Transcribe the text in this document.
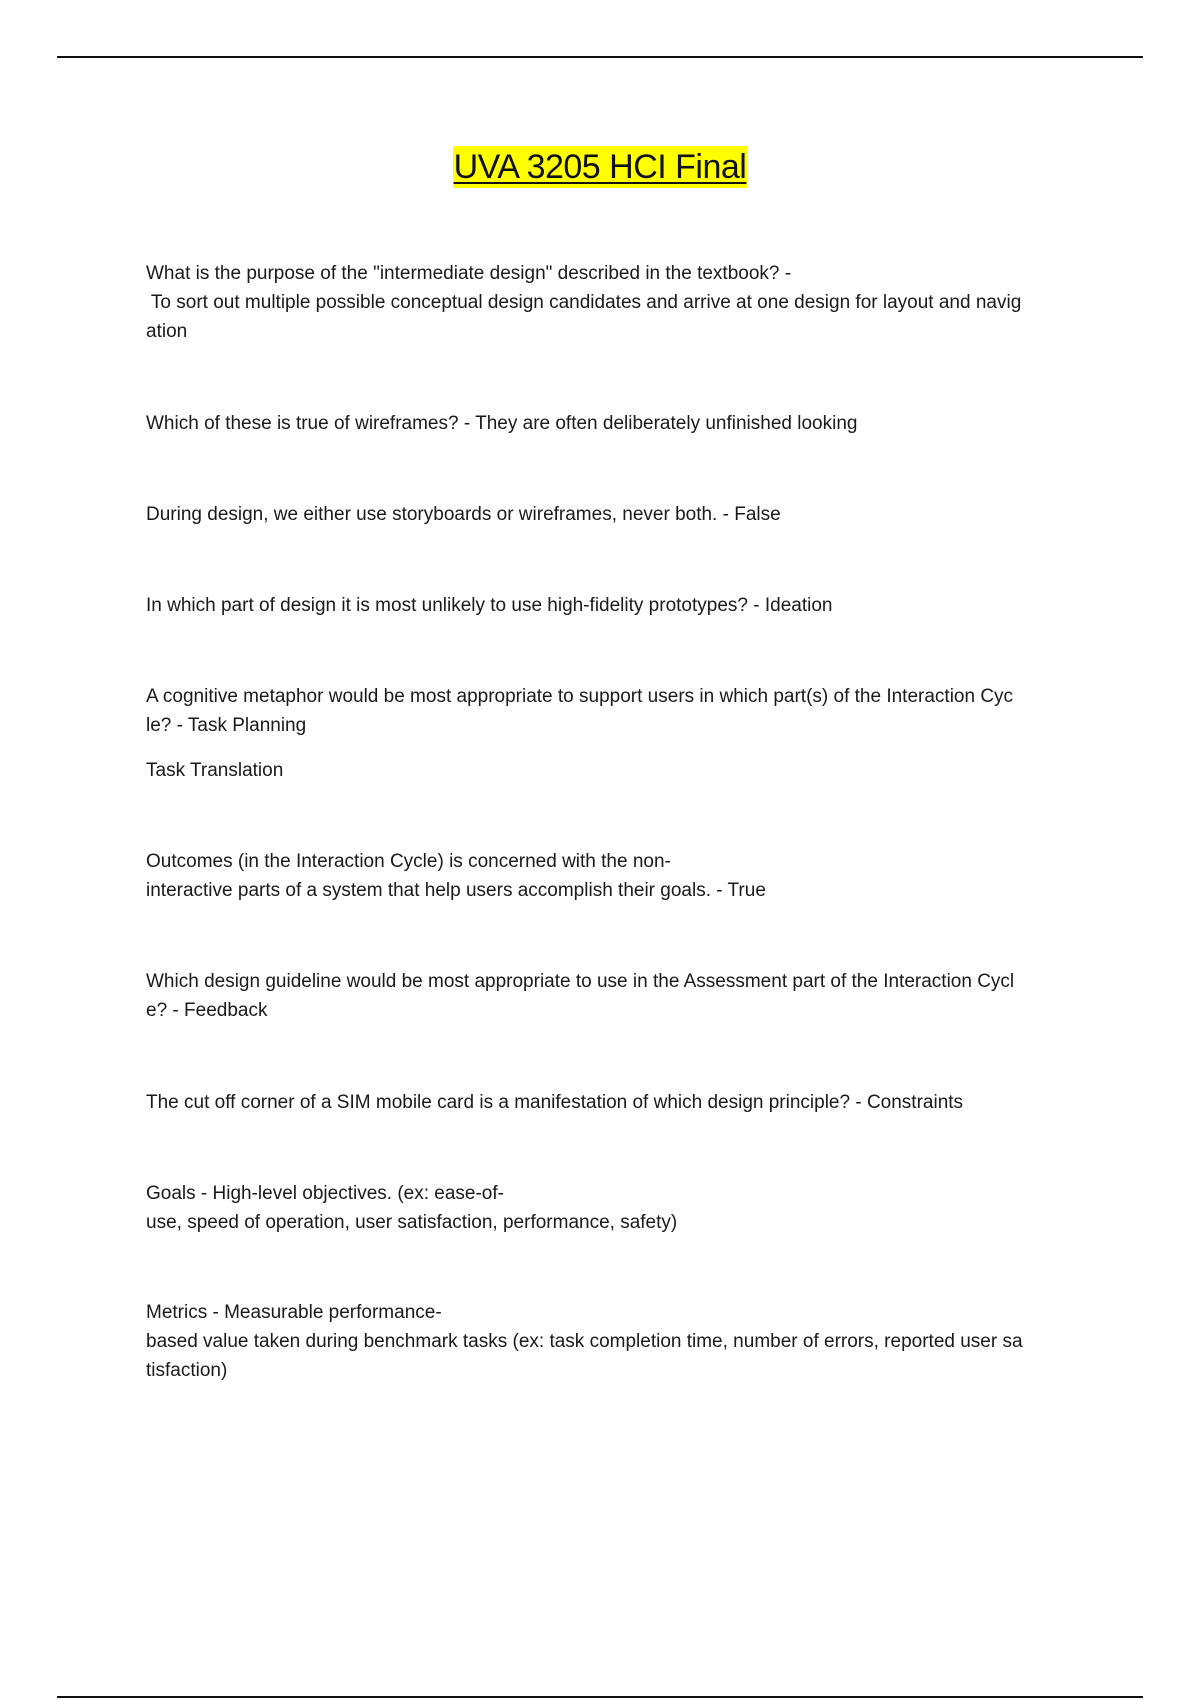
UVA 3205 HCI Final
What is the purpose of the "intermediate design" described in the textbook? -
To sort out multiple possible conceptual design candidates and arrive at one design for layout and navig
ation
Which of these is true of wireframes? - They are often deliberately unfinished looking
During design, we either use storyboards or wireframes, never both. - False
In which part of design it is most unlikely to use high-fidelity prototypes? - Ideation
A cognitive metaphor would be most appropriate to support users in which part(s) of the Interaction Cyc
le? - Task Planning
Task Translation
Outcomes (in the Interaction Cycle) is concerned with the non-
interactive parts of a system that help users accomplish their goals. - True
Which design guideline would be most appropriate to use in the Assessment part of the Interaction Cycl
e? - Feedback
The cut off corner of a SIM mobile card is a manifestation of which design principle? - Constraints
Goals - High-level objectives. (ex: ease-of-
use, speed of operation, user satisfaction, performance, safety)
Metrics - Measurable performance-
based value taken during benchmark tasks (ex: task completion time, number of errors, reported user sa
tisfaction)
